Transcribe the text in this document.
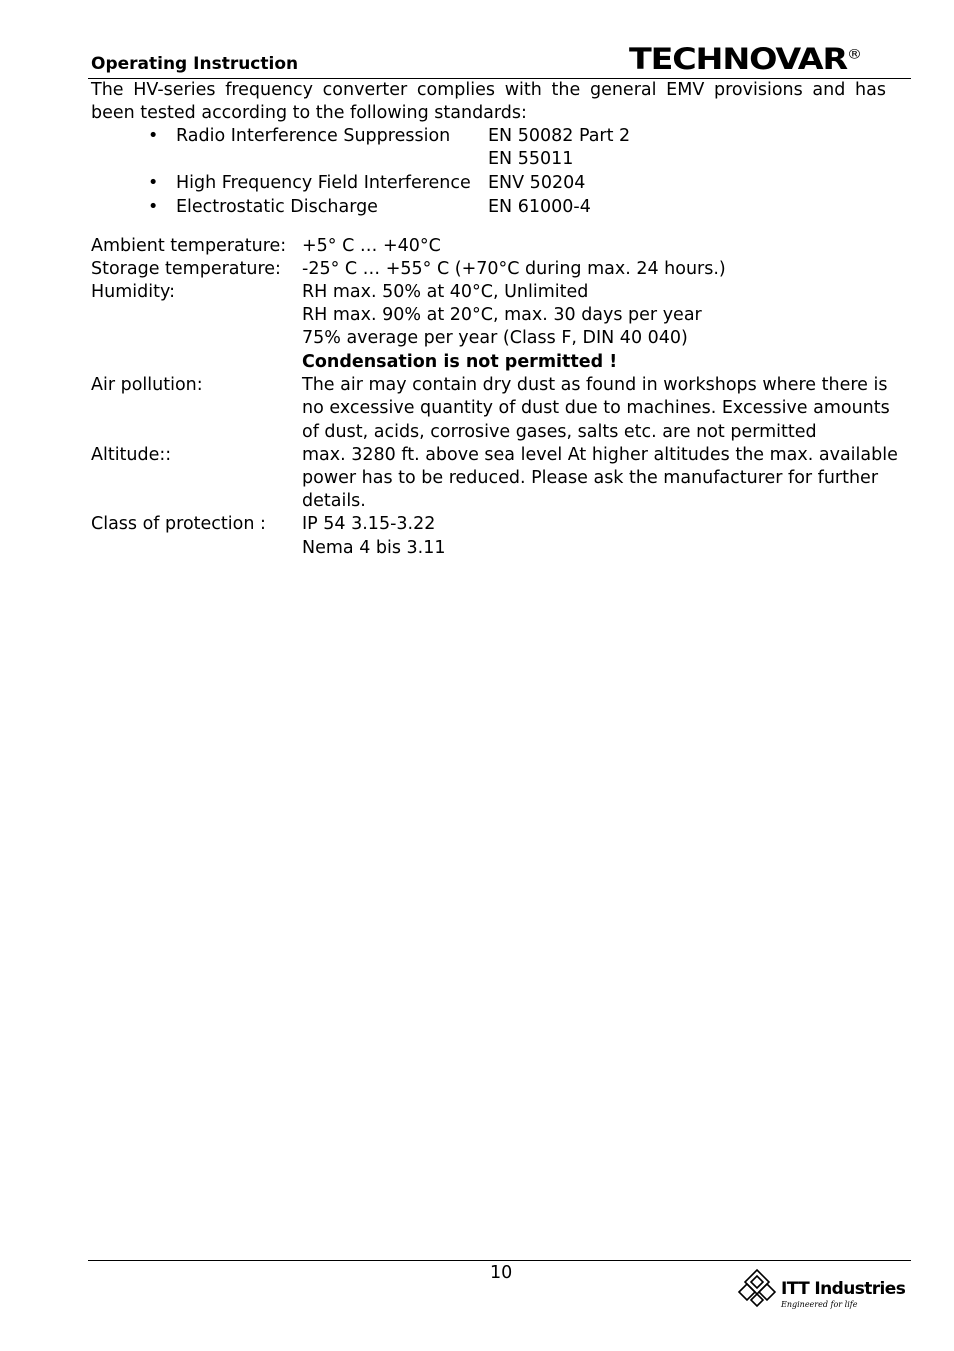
Operating Instruction	TECHNOVAR®
The HV-series frequency converter complies with the general EMV provisions and has been tested according to the following standards:
• Radio Interference Suppression EN 50082 Part 2
EN 55011
• High Frequency Field Interference ENV 50204
• Electrostatic Discharge	EN 61000-4
Ambient temperature: +5° C … +40°C
Storage temperature: -25° C … +55° C (+70°C during max. 24 hours.)
Humidity:	RH max. 50% at 40°C, Unlimited
RH max. 90% at 20°C, max. 30 days per year
75% average per year (Class F, DIN 40 040)
Condensation is not permitted !
Air pollution:	The air may contain dry dust as found in workshops where there is
no excessive quantity of dust due to machines. Excessive amounts
of dust, acids, corrosive gases, salts etc. are not permitted
Altitude::	max. 3280 ft. above sea level At higher altitudes the max. available
power has to be reduced. Please ask the manufacturer for further
details.
Class of protection : IP 54 3.15-3.22
Nema 4 bis 3.11
10
ITT Industries
Engineered for life
